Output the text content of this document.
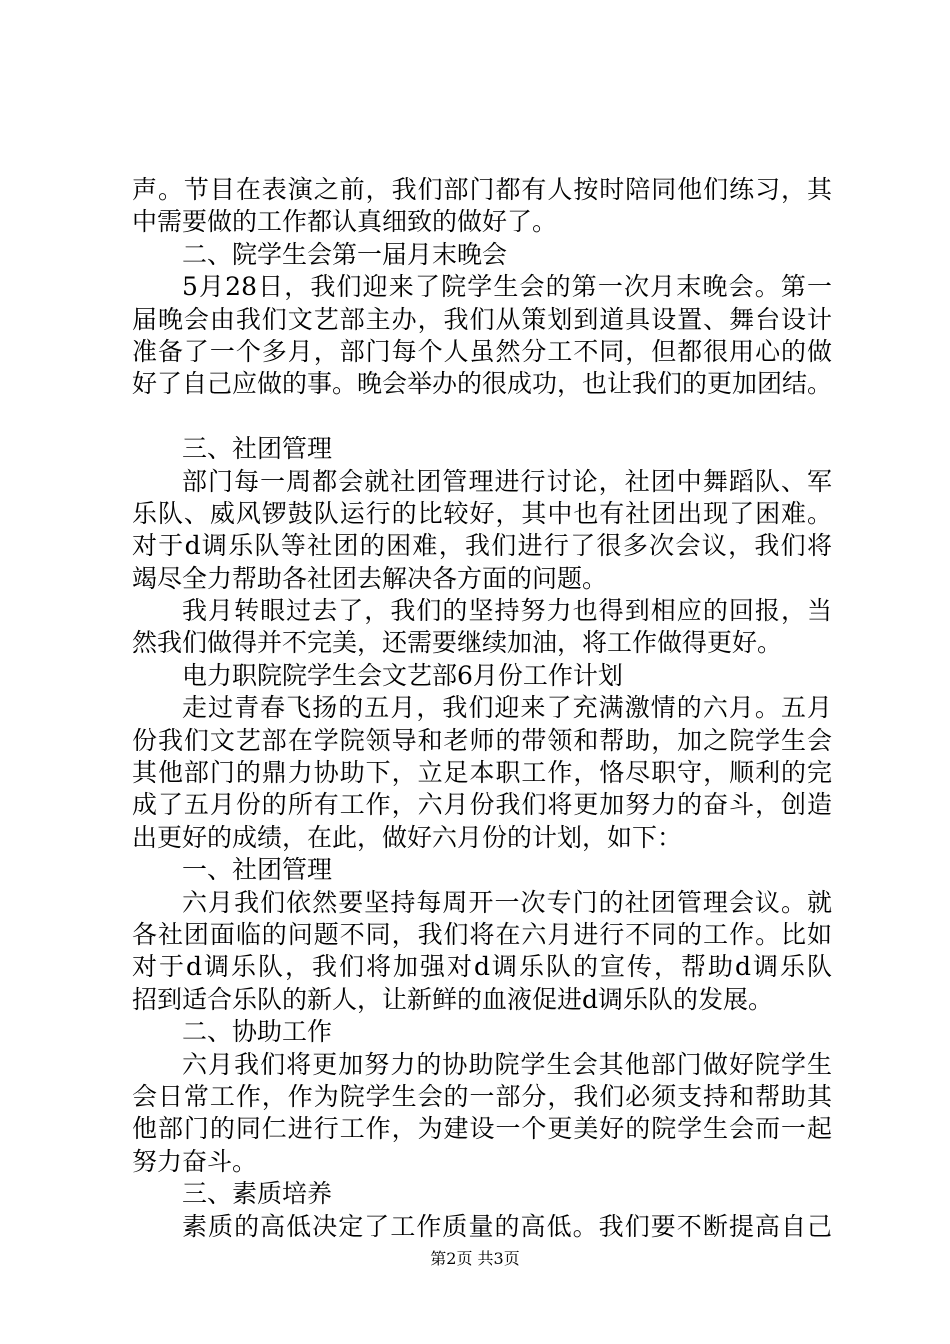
声。节目在表演之前，我们部门都有人按时陪同他们练习，其
中需要做的工作都认真细致的做好了。
二、院学生会第一届月末晚会
5月28日，我们迎来了院学生会的第一次月末晚会。第一
届晚会由我们文艺部主办，我们从策划到道具设置、舞台设计
准备了一个多月，部门每个人虽然分工不同，但都很用心的做
好了自己应做的事。晚会举办的很成功，也让我们的更加团结。
三、社团管理
部门每一周都会就社团管理进行讨论，社团中舞蹈队、军
乐队、威风锣鼓队运行的比较好，其中也有社团出现了困难。
对于d调乐队等社团的困难，我们进行了很多次会议，我们将
竭尽全力帮助各社团去解决各方面的问题。
我月转眼过去了，我们的坚持努力也得到相应的回报，当
然我们做得并不完美，还需要继续加油，将工作做得更好。
电力职院院学生会文艺部6月份工作计划
走过青春飞扬的五月，我们迎来了充满激情的六月。五月
份我们文艺部在学院领导和老师的带领和帮助，加之院学生会
其他部门的鼎力协助下，立足本职工作，恪尽职守，顺利的完
成了五月份的所有工作，六月份我们将更加努力的奋斗，创造
出更好的成绩，在此，做好六月份的计划，如下：
一、社团管理
六月我们依然要坚持每周开一次专门的社团管理会议。就
各社团面临的问题不同，我们将在六月进行不同的工作。比如
对于d调乐队，我们将加强对d调乐队的宣传，帮助d调乐队
招到适合乐队的新人，让新鲜的血液促进d调乐队的发展。
二、协助工作
六月我们将更加努力的协助院学生会其他部门做好院学生
会日常工作，作为院学生会的一部分，我们必须支持和帮助其
他部门的同仁进行工作，为建设一个更美好的院学生会而一起
努力奋斗。
三、素质培养
素质的高低决定了工作质量的高低。我们要不断提高自己
第2页 共3页
